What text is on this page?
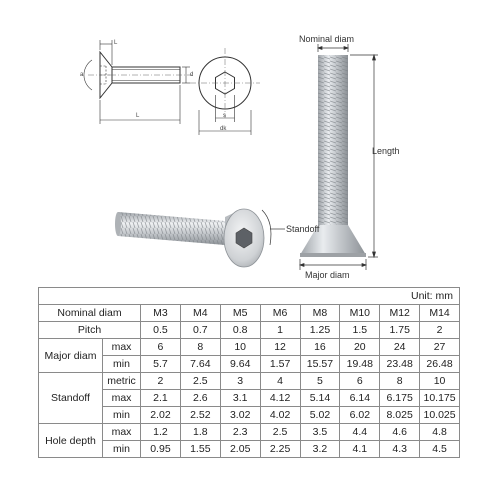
L
a	d
s
L
dk
Nominal diam
Length
Standoff
Major diam
Unit: mm									
Nominal diam		M3	M4	M5	M6	M8	M10	M12	M14
Pitch		0.5	0.7	0.8	1	1.25	1.5	1.75	2
Major diam	max	6	8	10	12	16	20	24	27
	min	5.7	7.64	9.64	1.57	15.57	19.48	23.48	26.48
Standoff	metric	2	2.5	3	4	5	6	8	10
	max	2.1	2.6	3.1	4.12	5.14	6.14	6.175	10.175
	min	2.02	2.52	3.02	4.02	5.02	6.02	8.025	10.025
Hole depth	max	1.2	1.8	2.3	2.5	3.5	4.4	4.6	4.8
	min	0.95	1.55	2.05	2.25	3.2	4.1	4.3	4.5
